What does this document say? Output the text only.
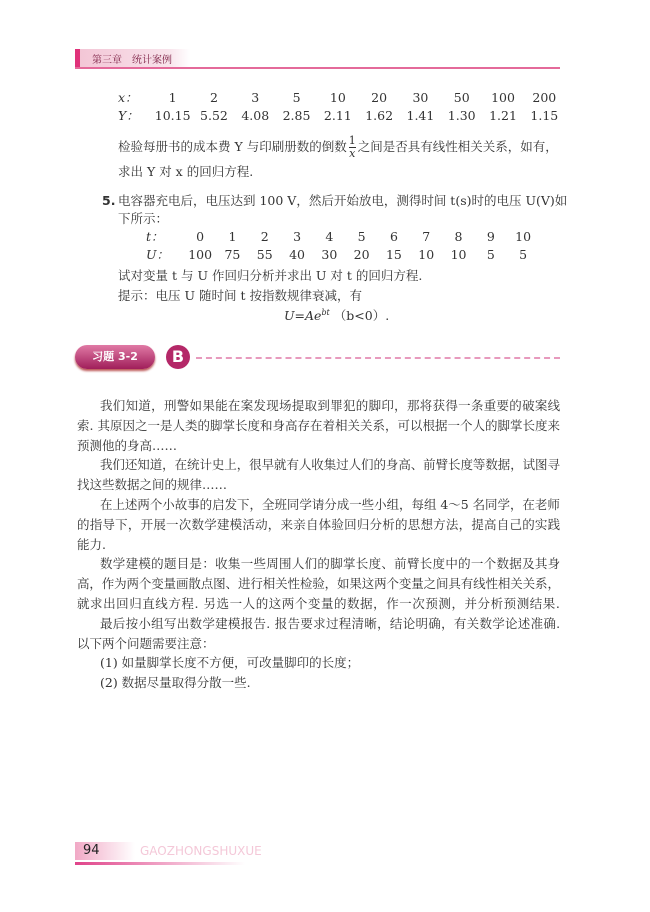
第三章　统计案例
x：	1	2	3	5	10	20	30	50	100	200
Y： 10.15 5.52	4.08	2.85	2.11	1.62	1.41	1.30	1.21	1.15
检验每册书的成本费 Y 与印刷册数的倒数 $\frac{1}{x}$ 之间是否具有线性相关关系，如有，
求出 Y 对 x 的回归方程.
5. 电容器充电后，电压达到 100 V，然后开始放电，测得时间 t(s)时的电压 U(V)如
下所示：
t：	0	1	2	3	4	5	6	7	8	9	10
U：	100 75	55	40	30	20	15	10	10	5	5
试对变量 t 与 U 作回归分析并求出 U 对 t 的回归方程.
提示：电压 U 随时间 t 按指数规律衰减，有
$U=Ae^{bt}$ （b<0）.
习题 3-2	B
我们知道，刑警如果能在案发现场提取到罪犯的脚印，那将获得一条重要的破案线
索. 其原因之一是人类的脚掌长度和身高存在着相关关系，可以根据一个人的脚掌长度来
预测他的身高……
我们还知道，在统计史上，很早就有人收集过人们的身高、前臂长度等数据，试图寻
找这些数据之间的规律……
在上述两个小故事的启发下，全班同学请分成一些小组，每组 4～5 名同学，在老师
的指导下，开展一次数学建模活动，来亲自体验回归分析的思想方法，提高自己的实践
能力.
数学建模的题目是：收集一些周围人们的脚掌长度、前臂长度中的一个数据及其身
高，作为两个变量画散点图、进行相关性检验，如果这两个变量之间具有线性相关关系，
就求出回归直线方程. 另选一人的这两个变量的数据，作一次预测，并分析预测结果.
最后按小组写出数学建模报告. 报告要求过程清晰，结论明确，有关数学论述准确.
以下两个问题需要注意：
(1) 如量脚掌长度不方便，可改量脚印的长度；
(2) 数据尽量取得分散一些.
94	GAOZHONGSHUXUE
